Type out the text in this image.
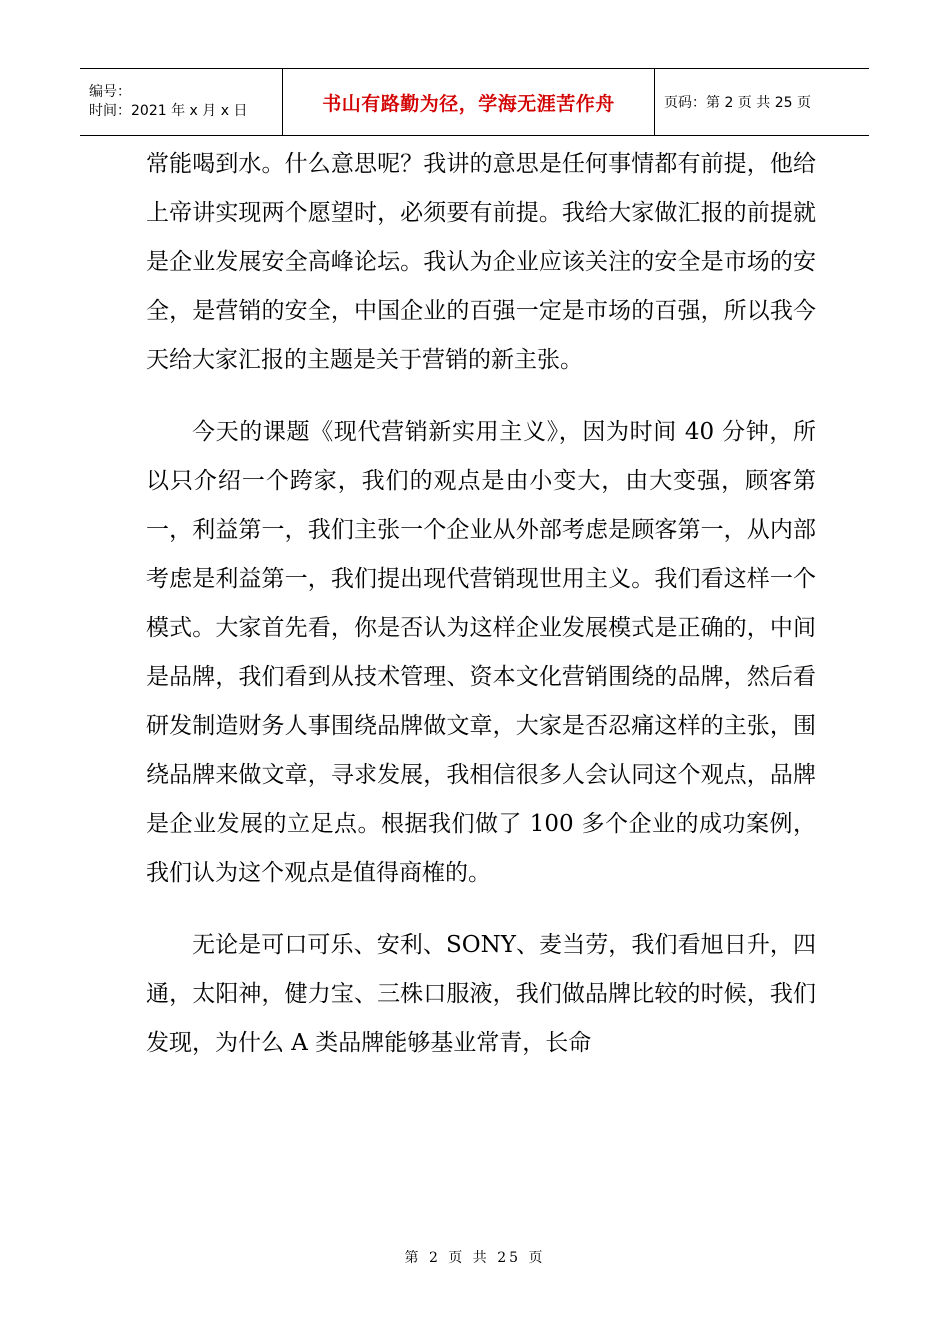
编号：
时间：2021 年 x 月 x 日	书山有路勤为径，学海无涯苦作舟	页码：第 2 页 共 25 页

常能喝到水。什么意思呢？我讲的意思是任何事情都有前提，他给上帝讲实现两个愿望时，必须要有前提。我给大家做汇报的前提就是企业发展安全高峰论坛。我认为企业应该关注的安全是市场的安全，是营销的安全，中国企业的百强一定是市场的百强，所以我今天给大家汇报的主题是关于营销的新主张。

今天的课题《现代营销新实用主义》，因为时间 40 分钟，所以只介绍一个跨家，我们的观点是由小变大，由大变强，顾客第一，利益第一，我们主张一个企业从外部考虑是顾客第一，从内部考虑是利益第一，我们提出现代营销现世用主义。我们看这样一个模式。大家首先看，你是否认为这样企业发展模式是正确的，中间是品牌，我们看到从技术管理、资本文化营销围绕的品牌，然后看研发制造财务人事围绕品牌做文章，大家是否忍痛这样的主张，围绕品牌来做文章，寻求发展，我相信很多人会认同这个观点，品牌是企业发展的立足点。根据我们做了 100 多个企业的成功案例，我们认为这个观点是值得商榷的。

无论是可口可乐、安利、SONY、麦当劳，我们看旭日升，四通，太阳神，健力宝、三株口服液，我们做品牌比较的时候，我们发现，为什么 A 类品牌能够基业常青，长命

第 2 页 共 25 页
